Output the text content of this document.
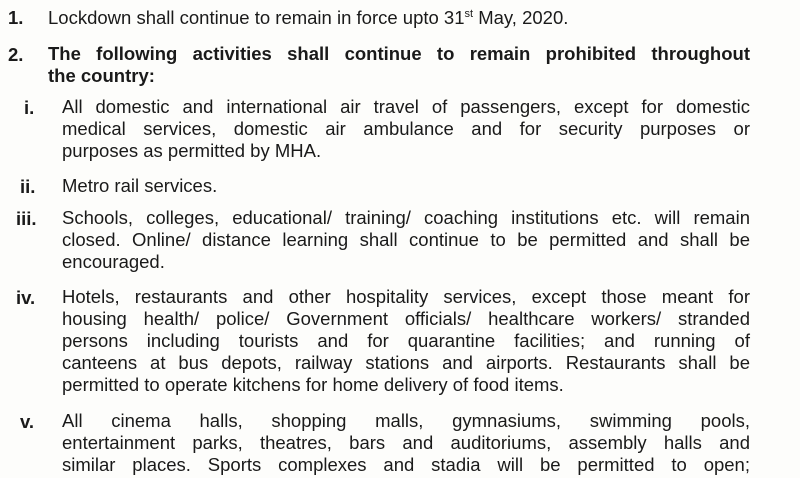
1. Lockdown shall continue to remain in force upto 31st May, 2020.
2. The following activities shall continue to remain prohibited throughout
the country:
i. All domestic and international air travel of passengers, except for domestic
medical services, domestic air ambulance and for security purposes or
purposes as permitted by MHA.
ii. Metro rail services.
iii. Schools, colleges, educational/ training/ coaching institutions etc. will remain
closed. Online/ distance learning shall continue to be permitted and shall be
encouraged.
iv. Hotels, restaurants and other hospitality services, except those meant for
housing health/ police/ Government officials/ healthcare workers/ stranded
persons including tourists and for quarantine facilities; and running of
canteens at bus depots, railway stations and airports. Restaurants shall be
permitted to operate kitchens for home delivery of food items.
v. All cinema halls, shopping malls, gymnasiums, swimming pools,
entertainment parks, theatres, bars and auditoriums, assembly halls and
similar places. Sports complexes and stadia will be permitted to open;
